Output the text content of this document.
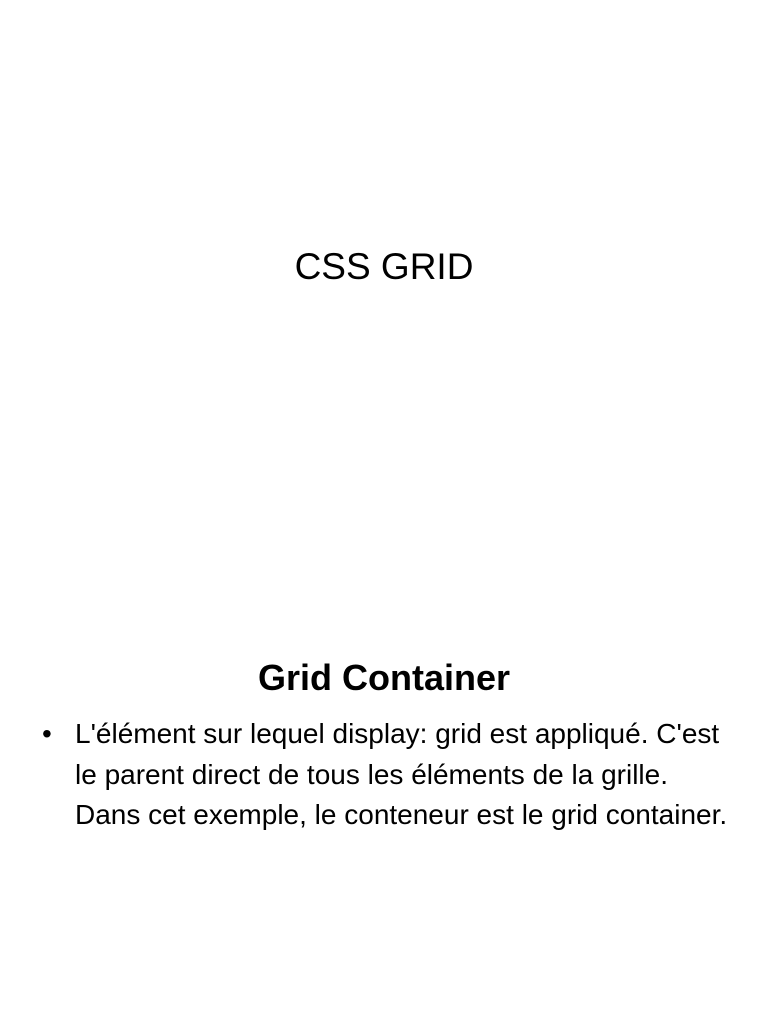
CSS GRID
Grid Container
• L'élément sur lequel display: grid est appliqué. C'est le parent direct de tous les éléments de la grille. Dans cet exemple, le conteneur est le grid container.
